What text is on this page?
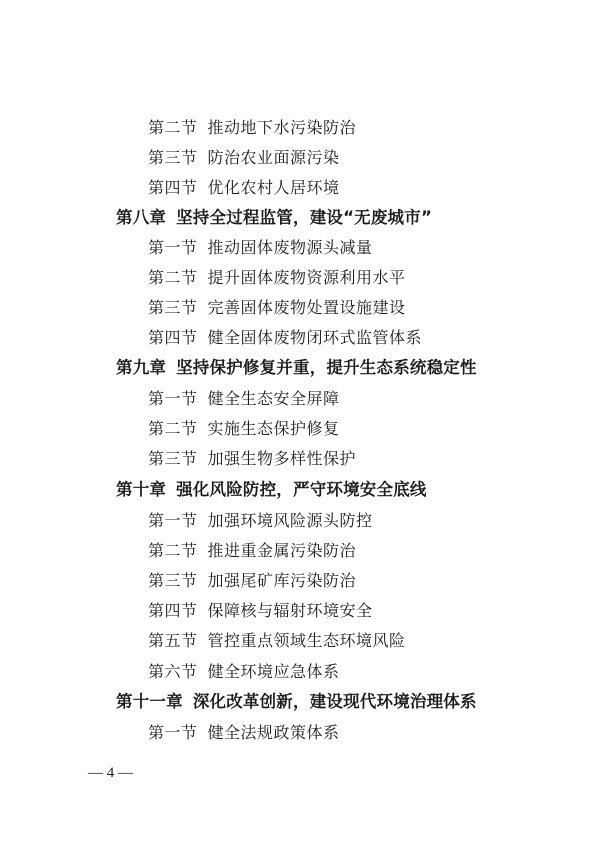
第二节 推动地下水污染防治
第三节 防治农业面源污染
第四节 优化农村人居环境
第八章 坚持全过程监管，建设“无废城市”
第一节 推动固体废物源头减量
第二节 提升固体废物资源利用水平
第三节 完善固体废物处置设施建设
第四节 健全固体废物闭环式监管体系
第九章 坚持保护修复并重，提升生态系统稳定性
第一节 健全生态安全屏障
第二节 实施生态保护修复
第三节 加强生物多样性保护
第十章 强化风险防控，严守环境安全底线
第一节 加强环境风险源头防控
第二节 推进重金属污染防治
第三节 加强尾矿库污染防治
第四节 保障核与辐射环境安全
第五节 管控重点领域生态环境风险
第六节 健全环境应急体系
第十一章 深化改革创新，建设现代环境治理体系
第一节 健全法规政策体系
— 4 —
